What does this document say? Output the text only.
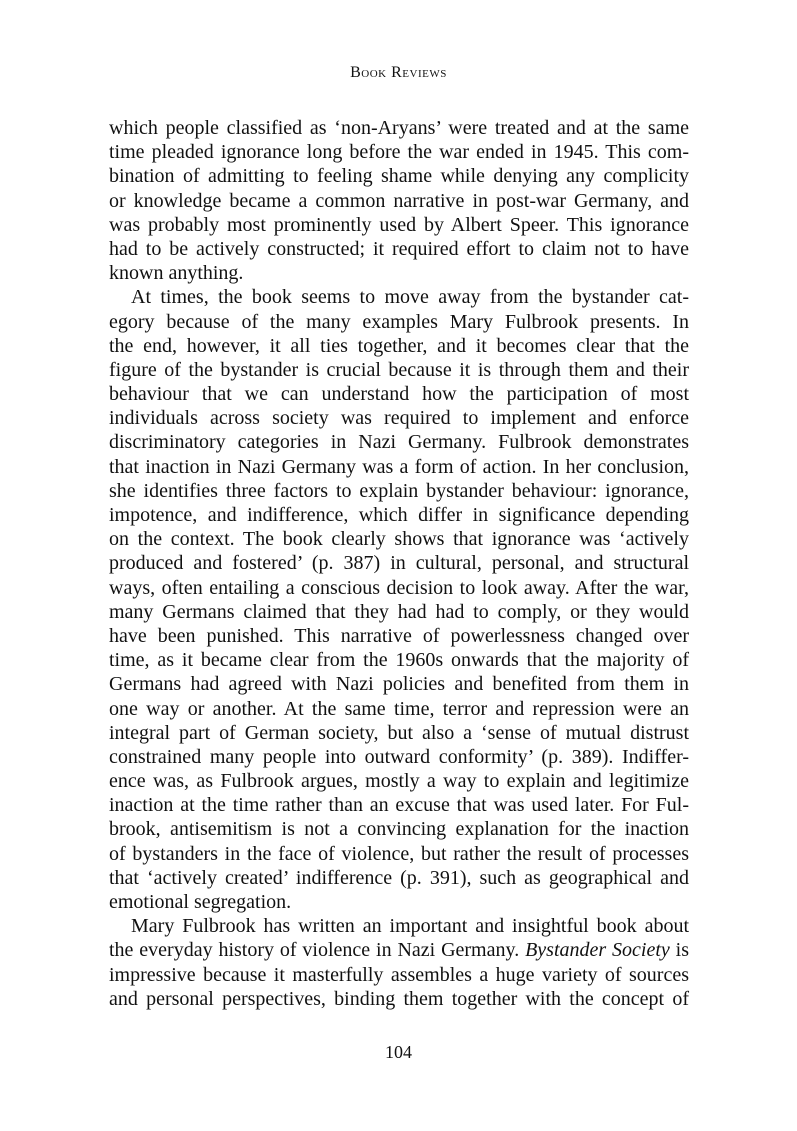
Book Reviews
which people classified as ‘non-Aryans’ were treated and at the same
time pleaded ignorance long before the war ended in 1945. This com-
bination of admitting to feeling shame while denying any complicity
or knowledge became a common narrative in post-war Germany, and
was probably most prominently used by Albert Speer. This ignorance
had to be actively constructed; it required effort to claim not to have
known anything.
At times, the book seems to move away from the bystander cat-
egory because of the many examples Mary Fulbrook presents. In
the end, however, it all ties together, and it becomes clear that the
figure of the bystander is crucial because it is through them and their
behaviour that we can understand how the participation of most
individuals across society was required to implement and enforce
discriminatory categories in Nazi Germany. Fulbrook demonstrates
that inaction in Nazi Germany was a form of action. In her conclusion,
she identifies three factors to explain bystander behaviour: ignorance,
impotence, and indifference, which differ in significance depending
on the context. The book clearly shows that ignorance was ‘actively
produced and fostered’ (p. 387) in cultural, personal, and structural
ways, often entailing a conscious decision to look away. After the war,
many Germans claimed that they had had to comply, or they would
have been punished. This narrative of powerlessness changed over
time, as it became clear from the 1960s onwards that the majority of
Germans had agreed with Nazi policies and benefited from them in
one way or another. At the same time, terror and repression were an
integral part of German society, but also a ‘sense of mutual distrust
constrained many people into outward conformity’ (p. 389). Indiffer-
ence was, as Fulbrook argues, mostly a way to explain and legitimize
inaction at the time rather than an excuse that was used later. For Ful-
brook, antisemitism is not a convincing explanation for the inaction
of bystanders in the face of violence, but rather the result of processes
that ‘actively created’ indifference (p. 391), such as geographical and
emotional segregation.
Mary Fulbrook has written an important and insightful book about
the everyday history of violence in Nazi Germany. Bystander Society is
impressive because it masterfully assembles a huge variety of sources
and personal perspectives, binding them together with the concept of
104
